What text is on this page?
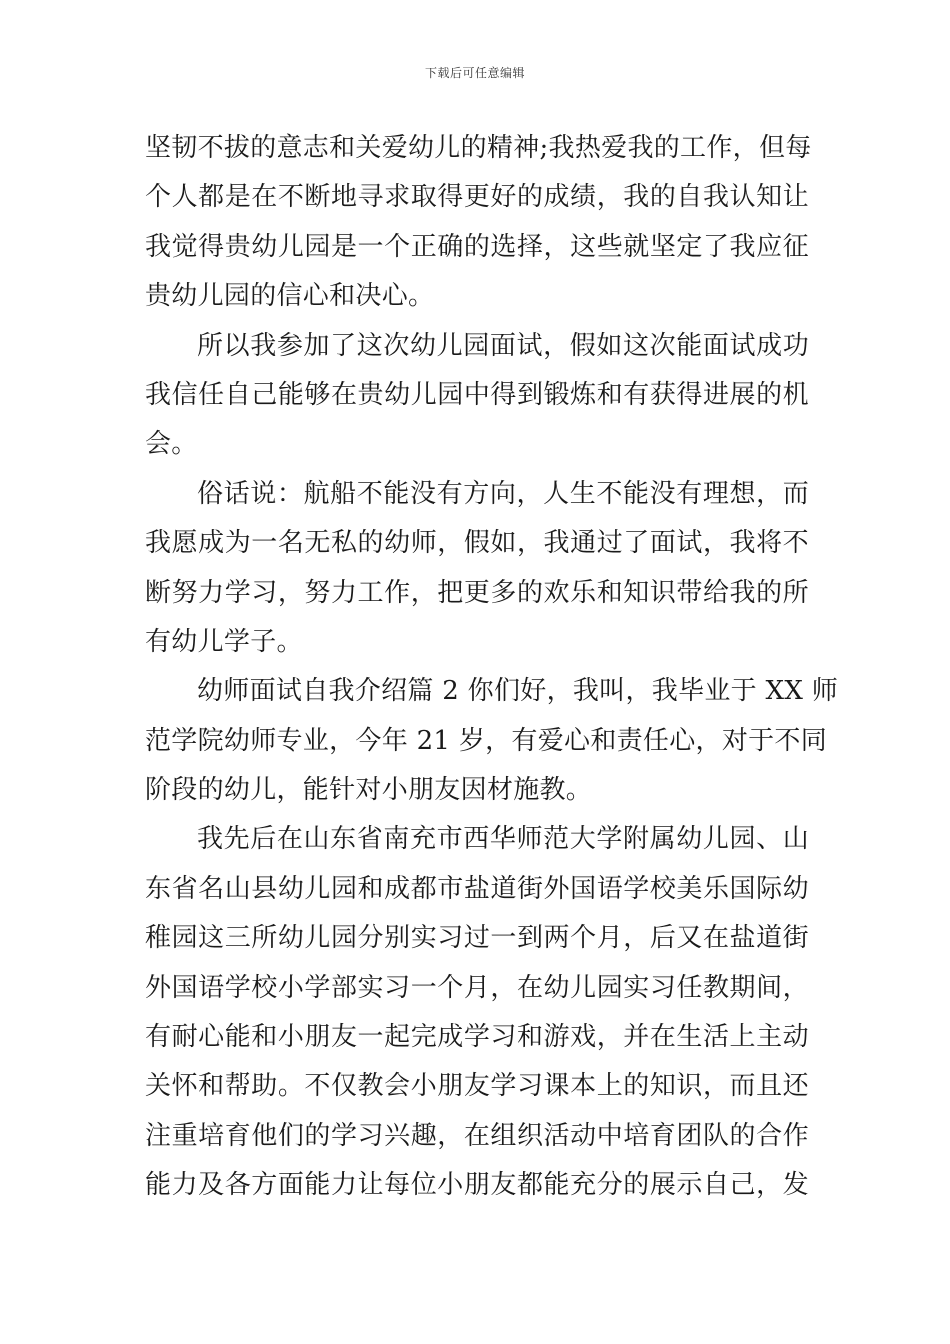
下载后可任意编辑
坚韧不拔的意志和关爱幼儿的精神;我热爱我的工作，但每
个人都是在不断地寻求取得更好的成绩，我的自我认知让
我觉得贵幼儿园是一个正确的选择，这些就坚定了我应征
贵幼儿园的信心和决心。
所以我参加了这次幼儿园面试，假如这次能面试成功
我信任自己能够在贵幼儿园中得到锻炼和有获得进展的机
会。
俗话说：航船不能没有方向，人生不能没有理想，而
我愿成为一名无私的幼师，假如，我通过了面试，我将不
断努力学习，努力工作，把更多的欢乐和知识带给我的所
有幼儿学子。
幼师面试自我介绍篇 2 你们好，我叫，我毕业于 XX 师
范学院幼师专业，今年 21 岁，有爱心和责任心，对于不同
阶段的幼儿，能针对小朋友因材施教。
我先后在山东省南充市西华师范大学附属幼儿园、山
东省名山县幼儿园和成都市盐道街外国语学校美乐国际幼
稚园这三所幼儿园分别实习过一到两个月，后又在盐道街
外国语学校小学部实习一个月，在幼儿园实习任教期间，
有耐心能和小朋友一起完成学习和游戏，并在生活上主动
关怀和帮助。不仅教会小朋友学习课本上的知识，而且还
注重培育他们的学习兴趣，在组织活动中培育团队的合作
能力及各方面能力让每位小朋友都能充分的展示自己，发
